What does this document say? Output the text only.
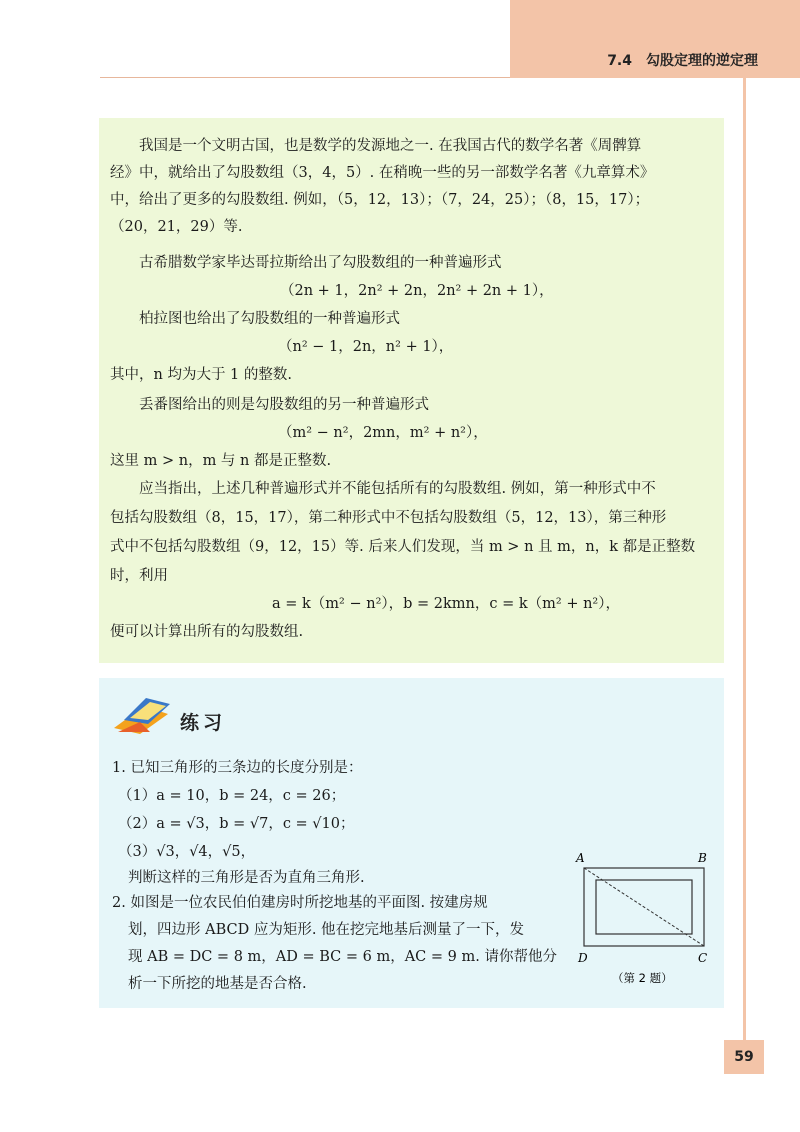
7.4　勾股定理的逆定理
　　我国是一个文明古国，也是数学的发源地之一. 在我国古代的数学名著《周髀算
经》中，就给出了勾股数组（3，4，5）. 在稍晚一些的另一部数学名著《九章算术》
中，给出了更多的勾股数组. 例如，（5，12，13）；（7，24，25）；（8，15，17）；
（20，21，29）等.
　　古希腊数学家毕达哥拉斯给出了勾股数组的一种普遍形式
（2n + 1，2n² + 2n，2n² + 2n + 1），
　　柏拉图也给出了勾股数组的一种普遍形式
（n² − 1，2n，n² + 1），
其中，n 均为大于 1 的整数.
　　丢番图给出的则是勾股数组的另一种普遍形式
（m² − n²，2mn，m² + n²），
这里 m > n，m 与 n 都是正整数.
　　应当指出，上述几种普遍形式并不能包括所有的勾股数组. 例如，第一种形式中不
包括勾股数组（8，15，17），第二种形式中不包括勾股数组（5，12，13），第三种形
式中不包括勾股数组（9，12，15）等. 后来人们发现，当 m > n 且 m，n，k 都是正整数
时，利用
a = k（m² − n²），b = 2kmn，c = k（m² + n²），
便可以计算出所有的勾股数组.
练习
1. 已知三角形的三条边的长度分别是：
（1）a = 10，b = 24，c = 26；
（2）a = √3，b = √7，c = √10；
（3）√3，√4，√5，
判断这样的三角形是否为直角三角形.
2. 如图是一位农民伯伯建房时所挖地基的平面图. 按建房规
划，四边形 ABCD 应为矩形. 他在挖完地基后测量了一下，发
现 AB = DC = 8 m，AD = BC = 6 m，AC = 9 m. 请你帮他分
析一下所挖的地基是否合格.
A	B
C
D
（第 2 题）
59
